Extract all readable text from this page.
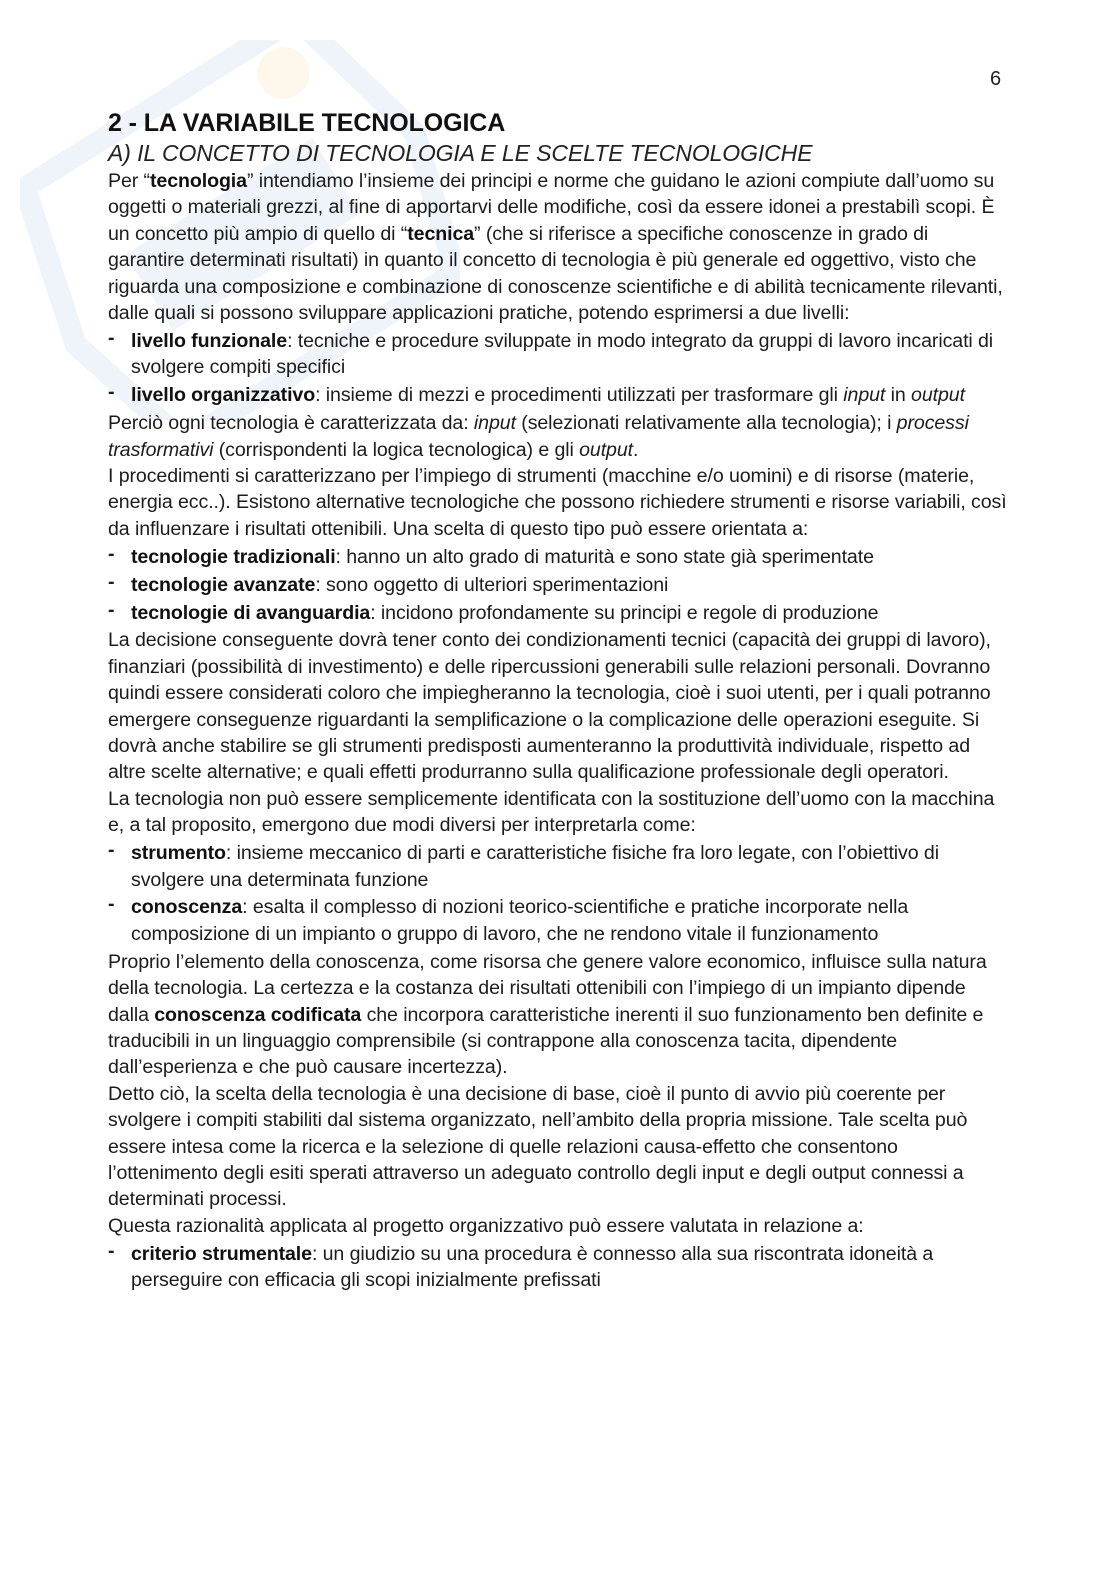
6
2 - LA VARIABILE TECNOLOGICA
A) IL CONCETTO DI TECNOLOGIA E LE SCELTE TECNOLOGICHE

Per “tecnologia” intendiamo l’insieme dei principi e norme che guidano le azioni compiute dall’uomo su oggetti o materiali grezzi, al fine di apportarvi delle modifiche, così da essere idonei a prestabilì scopi. È un concetto più ampio di quello di “tecnica” (che si riferisce a specifiche conoscenze in grado di garantire determinati risultati) in quanto il concetto di tecnologia è più generale ed oggettivo, visto che riguarda una composizione e combinazione di conoscenze scientifiche e di abilità tecnicamente rilevanti, dalle quali si possono sviluppare applicazioni pratiche, potendo esprimersi a due livelli:

- livello funzionale: tecniche e procedure sviluppate in modo integrato da gruppi di lavoro incaricati di svolgere compiti specifici
- livello organizzativo: insieme di mezzi e procedimenti utilizzati per trasformare gli input in output

Perciò ogni tecnologia è caratterizzata da: input (selezionati relativamente alla tecnologia); i processi trasformativi (corrispondenti la logica tecnologica) e gli output.

I procedimenti si caratterizzano per l’impiego di strumenti (macchine e/o uomini) e di risorse (materie, energia ecc..). Esistono alternative tecnologiche che possono richiedere strumenti e risorse variabili, così da influenzare i risultati ottenibili. Una scelta di questo tipo può essere orientata a:

- tecnologie tradizionali: hanno un alto grado di maturità e sono state già sperimentate
- tecnologie avanzate: sono oggetto di ulteriori sperimentazioni
- tecnologie di avanguardia: incidono profondamente su principi e regole di produzione

La decisione conseguente dovrà tener conto dei condizionamenti tecnici (capacità dei gruppi di lavoro), finanziari (possibilità di investimento) e delle ripercussioni generabili sulle relazioni personali. Dovranno quindi essere considerati coloro che impiegheranno la tecnologia, cioè i suoi utenti, per i quali potranno emergere conseguenze riguardanti la semplificazione o la complicazione delle operazioni eseguite. Si dovrà anche stabilire se gli strumenti predisposti aumenteranno la produttività individuale, rispetto ad altre scelte alternative; e quali effetti produrranno sulla qualificazione professionale degli operatori.

La tecnologia non può essere semplicemente identificata con la sostituzione dell’uomo con la macchina e, a tal proposito, emergono due modi diversi per interpretarla come:

- strumento: insieme meccanico di parti e caratteristiche fisiche fra loro legate, con l’obiettivo di svolgere una determinata funzione
- conoscenza: esalta il complesso di nozioni teorico-scientifiche e pratiche incorporate nella composizione di un impianto o gruppo di lavoro, che ne rendono vitale il funzionamento

Proprio l’elemento della conoscenza, come risorsa che genere valore economico, influisce sulla natura della tecnologia. La certezza e la costanza dei risultati ottenibili con l’impiego di un impianto dipende dalla conoscenza codificata che incorpora caratteristiche inerenti il suo funzionamento ben definite e traducibili in un linguaggio comprensibile (si contrappone alla conoscenza tacita, dipendente dall’esperienza e che può causare incertezza).

Detto ciò, la scelta della tecnologia è una decisione di base, cioè il punto di avvio più coerente per svolgere i compiti stabiliti dal sistema organizzato, nell’ambito della propria missione. Tale scelta può essere intesa come la ricerca e la selezione di quelle relazioni causa-effetto che consentono l’ottenimento degli esiti sperati attraverso un adeguato controllo degli input e degli output connessi a determinati processi.

Questa razionalità applicata al progetto organizzativo può essere valutata in relazione a:

- criterio strumentale: un giudizio su una procedura è connesso alla sua riscontrata idoneità a perseguire con efficacia gli scopi inizialmente prefissati
